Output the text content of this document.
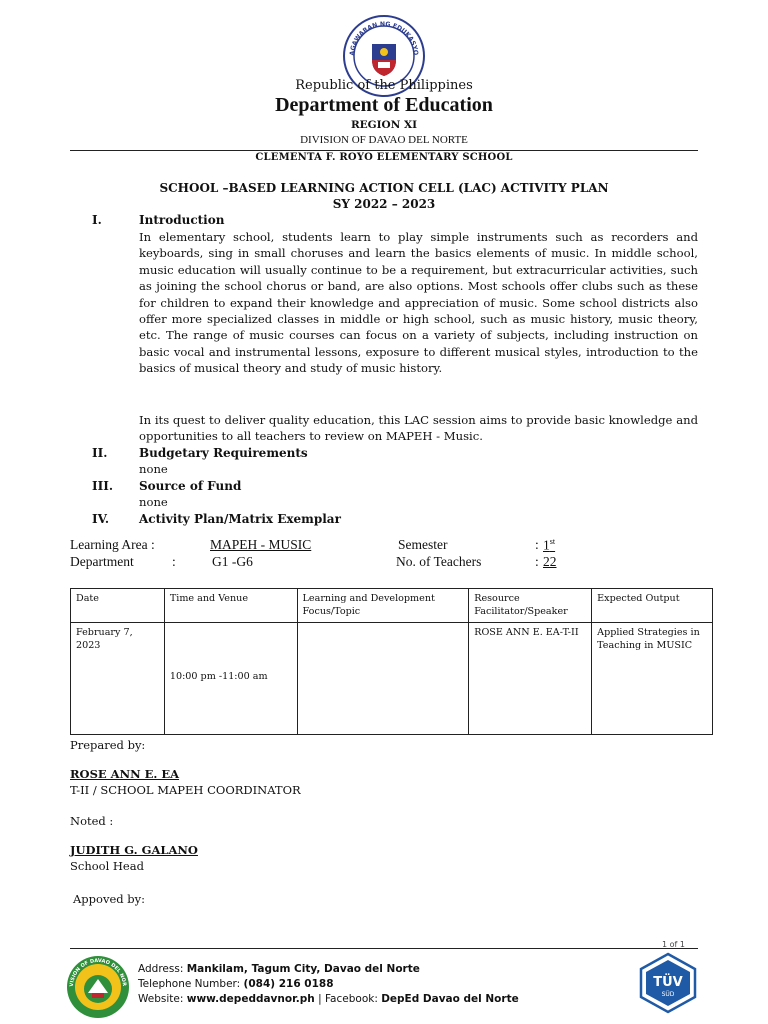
AGAWARAN NG EDUKASYO
Republic of the Philippines
Department of Education
REGION XI
DIVISION OF DAVAO DEL NORTE
CLEMENTA F. ROYO ELEMENTARY SCHOOL
SCHOOL –BASED LEARNING ACTION CELL (LAC) ACTIVITY PLAN
SY 2022 – 2023
I.	Introduction
In elementary school, students learn to play simple instruments such as recorders and keyboards, sing in small choruses and learn the basics elements of music. In middle school, music education will usually continue to be a requirement, but extracurricular activities, such as joining the school chorus or band, are also options. Most schools offer clubs such as these for children to expand their knowledge and appreciation of music. Some school districts also offer more specialized classes in middle or high school, such as music history, music theory, etc. The range of music courses can focus on a variety of subjects, including instruction on basic vocal and instrumental lessons, exposure to different musical styles, introduction to the basics of musical theory and study of music history.
In its quest to deliver quality education, this LAC session aims to provide basic knowledge and opportunities to all teachers to review on MAPEH - Music.
II.	Budgetary Requirements
none
III. Source of Fund
none
IV. Activity Plan/Matrix Exemplar
Learning Area :	MAPEH - MUSIC	Semester	: 1st
Department	:	G1 -G6	No. of Teachers	: 22
Date	Time and Venue	Learning and Development Focus/Topic	Resource Facilitator/Speaker	Expected Output
February 7, 2023	10:00 pm -11:00 am		ROSE ANN E. EA-T-II	Applied Strategies in Teaching in MUSIC
Prepared by:
ROSE ANN E. EA
T-II / SCHOOL MAPEH COORDINATOR
Noted :
JUDITH G. GALANO
School Head
Appoved by:
1 of 1
VISION OF DAVAO DEL NOR
Address: Mankilam, Tagum City, Davao del Norte
Telephone Number: (084) 216 0188
Website: www.depeddavnor.ph | Facebook: DepEd Davao del Norte
TÜV
SÜD
